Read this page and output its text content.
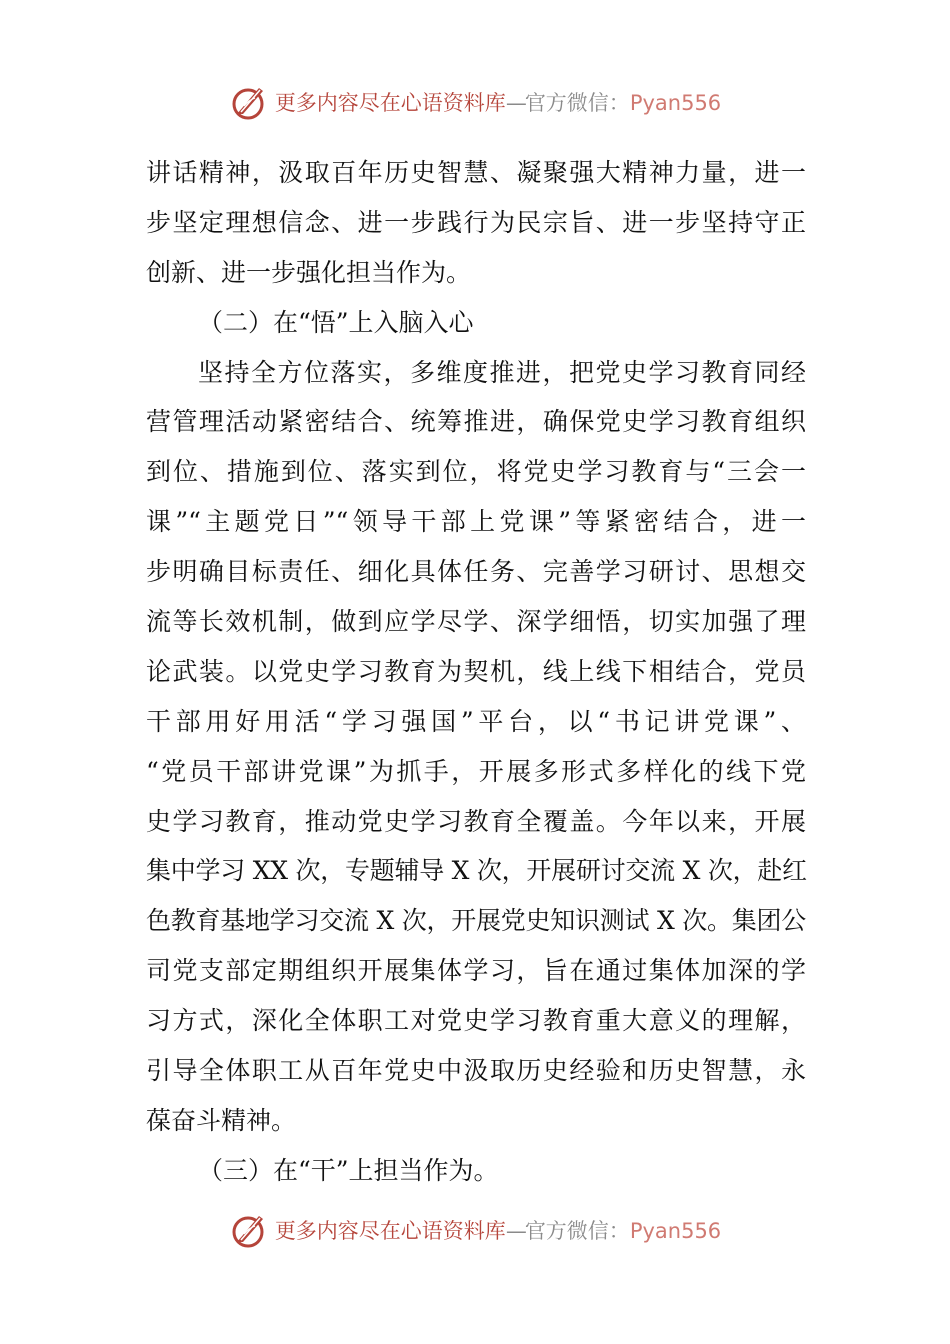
更多内容尽在心语资料库—官方微信：Pyan556
讲话精神，汲取百年历史智慧、凝聚强大精神力量，进一
步坚定理想信念、进一步践行为民宗旨、进一步坚持守正
创新、进一步强化担当作为。
（二）在“悟”上入脑入心
坚持全方位落实，多维度推进，把党史学习教育同经
营管理活动紧密结合、统筹推进，确保党史学习教育组织
到位、措施到位、落实到位，将党史学习教育与“三会一
课”“主题党日”“领导干部上党课”等紧密结合，进一
步明确目标责任、细化具体任务、完善学习研讨、思想交
流等长效机制，做到应学尽学、深学细悟，切实加强了理
论武装。以党史学习教育为契机，线上线下相结合，党员
干部用好用活“学习强国”平台，以“书记讲党课”、
“党员干部讲党课”为抓手，开展多形式多样化的线下党
史学习教育，推动党史学习教育全覆盖。今年以来，开展
集中学习 XX 次，专题辅导 X 次，开展研讨交流 X 次，赴红
色教育基地学习交流 X 次，开展党史知识测试 X 次。集团公
司党支部定期组织开展集体学习，旨在通过集体加深的学
习方式，深化全体职工对党史学习教育重大意义的理解，
引导全体职工从百年党史中汲取历史经验和历史智慧，永
葆奋斗精神。
（三）在“干”上担当作为。
更多内容尽在心语资料库—官方微信：Pyan556
